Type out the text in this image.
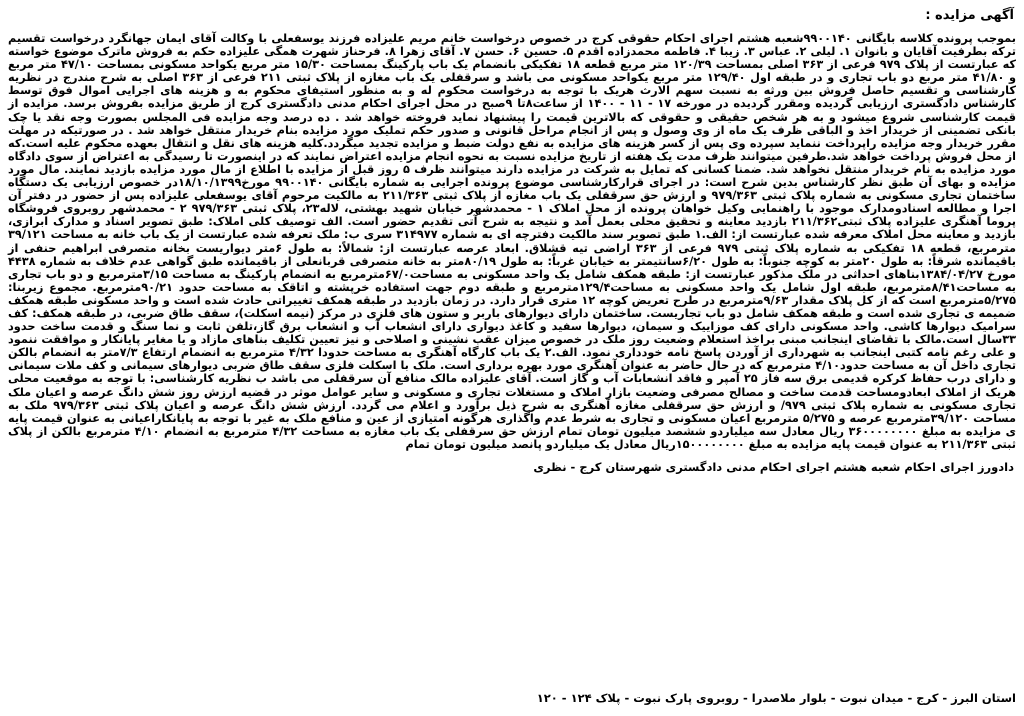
آگهی مزایده :
بموجب پرونده کلاسه بایگانی ۹۹۰۰۱۴۰شعبه هشتم اجرای احکام حقوقی کرج در خصوص درخواست خانم مریم علیزاده فرزند یوسفعلی با وکالت آقای ایمان جهانگرد درخواست تقسیم ترکه بطرفیت آقایان و بانوان ۱. لیلی ۲. عباس ۳. زیبا ۴. فاطمه محمدزاده اقدم ۵. حسین ۶. حسن ۷. آقای زهرا ۸. فرحناز شهرت همگی علیزاده حکم به فروش ماترک موضوع خواسته که عبارتست از پلاک ۹۷۹ فرعی از ۳۶۳ اصلی بمساحت ۱۲۰/۳۹ متر مربع قطعه ۱۸ تفکیکی بانضمام یک باب پارکینگ بمساحت ۱۵/۳۰ متر مربع یکواحد مسکونی بمساحت ۴۷/۱۰ متر مربع و ۴۱/۸۰ متر مربع دو باب تجاری و در طبقه اول ۱۲۹/۴۰ متر مربع یکواحد مسکونی می باشد و سرقفلی یک باب مغازه از پلاک ثبتی ۲۱۱ فرعی از ۳۶۳ اصلی به شرح مندرج در نظریه کارشناسی و تقسیم حاصل فروش بین ورثه به نسبت سهم الارث هریک با توجه به درخواست محکوم له و به منظور استیفای محکوم به و هزینه های اجرایی اموال فوق توسط کارشناس دادگستری ارزیابی گردیده ومقرر گردیده در مورخه ۱۷ - ۱۱ - ۱۴۰۰ از ساعت۸تا ۹صبح در محل اجرای احکام مدنی دادگستری کرج از طریق مزایده بفروش برسد. مزایده از قیمت کارشناسی شروع میشود و به هر شخص حقیقی و حقوقی که بالاترین قیمت را پیشنهاد نماید فروخته خواهد شد . ده درصد وجه مزایده فی المجلس بصورت وجه نقد یا چک بانکی تضمینی از خریدار اخذ و الباقی ظرف یک ماه از وی وصول و پس از انجام مراحل قانونی و صدور حکم تملیک مورد مزایده بنام خریدار منتقل خواهد شد . در صورتیکه در مهلت مقرر خریدار وجه مزایده راپرداخت ننماید سپرده وی پس از کسر هزینه های مزایده به نفع دولت ضبط و مزایده تجدید میگردد.کلیه هزینه های نقل و انتقال بعهده محکوم علیه است.که از محل فروش پرداخت خواهد شد.طرفین میتوانند ظرف مدت یک هفته از تاریخ مزایده نسبت به نحوه انجام مزایده اعتراض نمایند که در اینصورت تا رسیدگی به اعتراض از سوی دادگاه مورد مزایده به نام خریدار منتقل نخواهد شد. ضمنا کسانی که تمایل به شرکت در مزایده دارند میتوانند ظرف ۵ روز قبل از مزایده با اطلاع از مال مورد مزایده بازدید نمایند. مال مورد مزایده و بهای آن طبق نظر کارشناس بدین شرح است: در اجرای قرارکارشناسی موضوع پرونده اجرایی به شماره بایگانی ۹۹۰۰۱۴۰ مورخ۱۸/۱۰/۱۳۹۹در خصوص ارزیابی یک دستگاه ساختمان تجاری مسکونی به شماره پلاک ثبتی ۹۷۹/۳۶۳ و ارزش حق سرقفلی یک باب مغازه از پلاک ثبتی ۲۱۱/۳۶۳ به مالکیت مرحوم آقای یوسفعلی علیزاده پس از حضور در دفتر آن اجرا و مطالعه اسنادومدارک موجود با راهنمایی وکیل خواهان پرونده از محل املاک ۱ - محمدشهر خیابان شهید بهشتی، لاله۲۳، پلاک ثبتی ۹۷۹/۳۶۳ ۲ - محمدشهر روبروی فروشگاه پروما آهنگری علیزاده پلاک ثبتی۲۱۱/۳۶۲ بازدید معاینه و تحقیق محلی بعمل آمد و نتیجه به شرح آتی تقدیم حضور است. الف توصیف کلی املاک: طبق تصویر اسناد و مدارک ابرازی، بازدید و معاینه محل املاک معرفه شده عبارتست از: الف.۱ طبق تصویر سند مالکیت دفترچه ای به شماره ۳۱۴۹۷۷ سری ب: ملک تعرفه شده عبارتست از یک باب خانه به مساحت ۳۹/۱۲۱ مترمربع، قطعه ۱۸ تفکیکی به شماره پلاک ثبتی ۹۷۹ فرعی از ۳۶۳ اراضی تیه قشلاق. ابعاد عرصه عبارتست از: شمالاً: به طول ۶متر دیواریست بخانه متصرفی ابراهیم حنفی از باقیمانده شرقاً: به طول ۲۰متر به کوچه جنوباً: به طول ۶/۲۰سانتیمتر به خیابان غرباً: به طول ۸۰/۱۹متر به خانه متصرفی قربانعلی از باقیمانده طبق گواهی عدم خلاف به شماره ۴۴۳۸ مورخ ۱۳۸۴/۰۴/۲۷بناهای احداثی در ملک مذکور عبارتست از: طبقه همکف شامل یک واحد مسکونی به مساحت۶۷/۰مترمربع به انضمام پارکینگ به مساحت ۳/۱۵مترمربع و دو باب تجاری به مساحت۸/۴۱مترمربع، طبقه اول شامل یک واحد مسکونی به مساحت۱۲۹/۴مترمربع و طبقه دوم جهت استفاده خرپشته و اتاقک به مساحت حدود ۹۰/۲۱مترمربع. مجموع زیربنا: ۵/۲۷۵مترمربع است که از کل پلاک مقدار ۹/۶۳مترمربع در طرح تعریض کوچه ۱۲ متری قرار دارد. در زمان بازدید در طبقه همکف تغییراتی حادث شده است و واحد مسکونی طبقه همکف ضمیمه ی تجاری شده است و طبقه همکف شامل دو باب تجاریست. ساختمان دارای دیوارهای باربر و ستون های فلزی در مرکز (نیمه اسکلت)، سقف طاق ضربی، در طبقه همکف: کف سرامیک دیوارها کاشی. واحد مسکونی دارای کف موزاییک و سیمان، دیوارها سفید و کاغذ دیواری دارای انشعاب آب و انشعاب برق گاز،تلفن ثابت و نما سنگ و قدمت ساخت حدود ۳۳سال است.مالک با تقاضای اینجانب مبنی براخذ استعلام وضعیت روز ملک در خصوص میزان عقب نشینی و اصلاحی و نیز تعیین تکلیف بناهای مازاد و یا مغایر پایانکار و موافقت ننمود و علی رغم نامه کتبی اینجانب به شهرداری از آوردن پاسخ نامه خودداری نمود. الف.۲ یک باب کارگاه آهنگری به مساحت حدودا ۴/۳۲ مترمربع به انضمام ارتفاع ۷/۳متر به انضمام بالکن تجاری داخل آن به مساحت حدود۴/۱۰ مترمربع که در حال حاضر به عنوان آهنگری مورد بهره برداری است. ملک با اسکلت فلزی سقف طاق ضربی دیوارهای سیمانی و کف ملات سیمانی و دارای درب حفاظ کرکره قدیمی برق سه فاز ۲۵ آمپر و فاقد انشعابات آب و گاز است. آقای علیزاده مالک منافع آن سرقفلی می باشد ب نظریه کارشناسی: با توجه به موقعیت محلی هریک از املاک ابعادومساحت قدمت ساخت و مصالح مصرفی وضعیت بازار املاک و مستغلات تجاری و مسکونی و سایر عوامل موثر در قضیه ارزش روز شش دانگ عرصه و اعیان ملک تجاری مسکونی به شماره پلاک ثبتی ۹۷۹/ و ارزش حق سرقفلی مغازه آهنگری به شرح ذیل برآورد و اعلام می گردد. ارزش شش دانگ عرصه و اعیان پلاک ثبتی ۹۷۹/۳۶۳ ملک به مساحت ۳۹/۱۲۰مترمربع عرصه و ۵/۲۷۵ مترمربع اعیان مسکونی و تجاری به شرط عدم واگذاری هرگونه امتیازی از عین و منافع ملک به غیر با توجه به پایانکاراعیانی به عنوان قیمت پایه ی مزایده به مبلغ ۳۶۰۰۰۰۰۰۰۰ ریال معادل سه میلیاردو ششصد میلیون تومان تمام ارزش حق سرقفلی یک باب مغازه به مساحت ۴/۳۲ مترمربع به انضمام ۴/۱۰ مترمربع بالکن از پلاک ثبتی ۲۱۱/۳۶۳ به عنوان قیمت پایه مزایده به مبلغ ۱۵۰۰۰۰۰۰۰۰ریال معادل یک میلیاردو پانصد میلیون تومان تمام
دادورز اجرای احکام شعبه هشتم اجرای احکام مدنی دادگستری شهرستان کرج - نظری
استان البرز - کرج - میدان نبوت - بلوار ملاصدرا - روبروی پارک نبوت - پلاک ۱۲۴ - ۱۲۰
